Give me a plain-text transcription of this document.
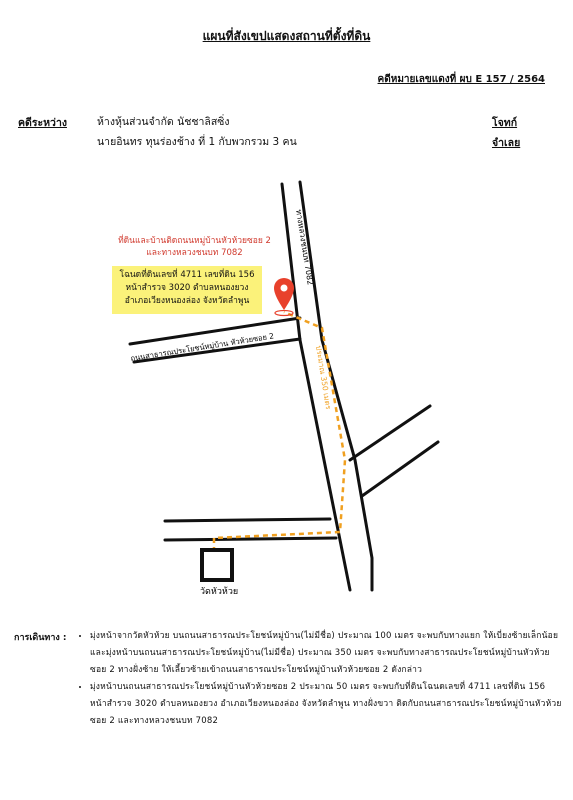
แผนที่สังเขปแสดงสถานที่ตั้งที่ดิน
คดีหมายเลขแดงที่ ผบ E 157 / 2564
คดีระหว่าง	ห้างหุ้นส่วนจำกัด นัชชาลิสซิ่ง
นายอินทร ทุนร่องช้าง ที่ 1 กับพวกรวม 3 คน
โจทก์
จำเลย
วัดหัวห้วย
ทางหลวงชนบท 7082
ถนนสาธารณประโยชน์หมู่บ้าน หัวห้วยซอย 2	ประมาณ 350 เมตร
ที่ดินและบ้านติดถนนหมู่บ้านหัวห้วยซอย 2
และทางหลวงชนบท 7082
โฉนดที่ดินเลขที่ 4711 เลขที่ดิน 156
หน้าสำรวจ 3020 ตำบลหนองยวง
อำเภอเวียงหนองล่อง จังหวัดลำพูน
การเดินทาง :
•	มุ่งหน้าจากวัดหัวห้วย บนถนนสาธารณประโยชน์หมู่บ้าน(ไม่มีชื่อ) ประมาณ 100 เมตร จะพบกับทางแยก ให้เบี่ยงซ้ายเล็กน้อย และมุ่งหน้าบนถนนสาธารณประโยชน์หมู่บ้าน(ไม่มีชื่อ) ประมาณ 350 เมตร จะพบกับทางสาธารณประโยชน์หมู่บ้านหัวห้วยซอย 2 ทางฝั่งซ้าย ให้เลี้ยวซ้ายเข้าถนนสาธารณประโยชน์หมู่บ้านหัวห้วยซอย 2 ดังกล่าว
• มุ่งหน้าบนถนนสาธารณประโยชน์หมู่บ้านหัวห้วยซอย 2 ประมาณ 50 เมตร จะพบกับที่ดินโฉนดเลขที่ 4711 เลขที่ดิน 156 หน้าสำรวจ 3020 ตำบลหนองยวง อำเภอเวียงหนองล่อง จังหวัดลำพูน ทางฝั่งขวา ติดกับถนนสาธารณประโยชน์หมู่บ้านหัวห้วยซอย 2 และทางหลวงชนบท 7082
